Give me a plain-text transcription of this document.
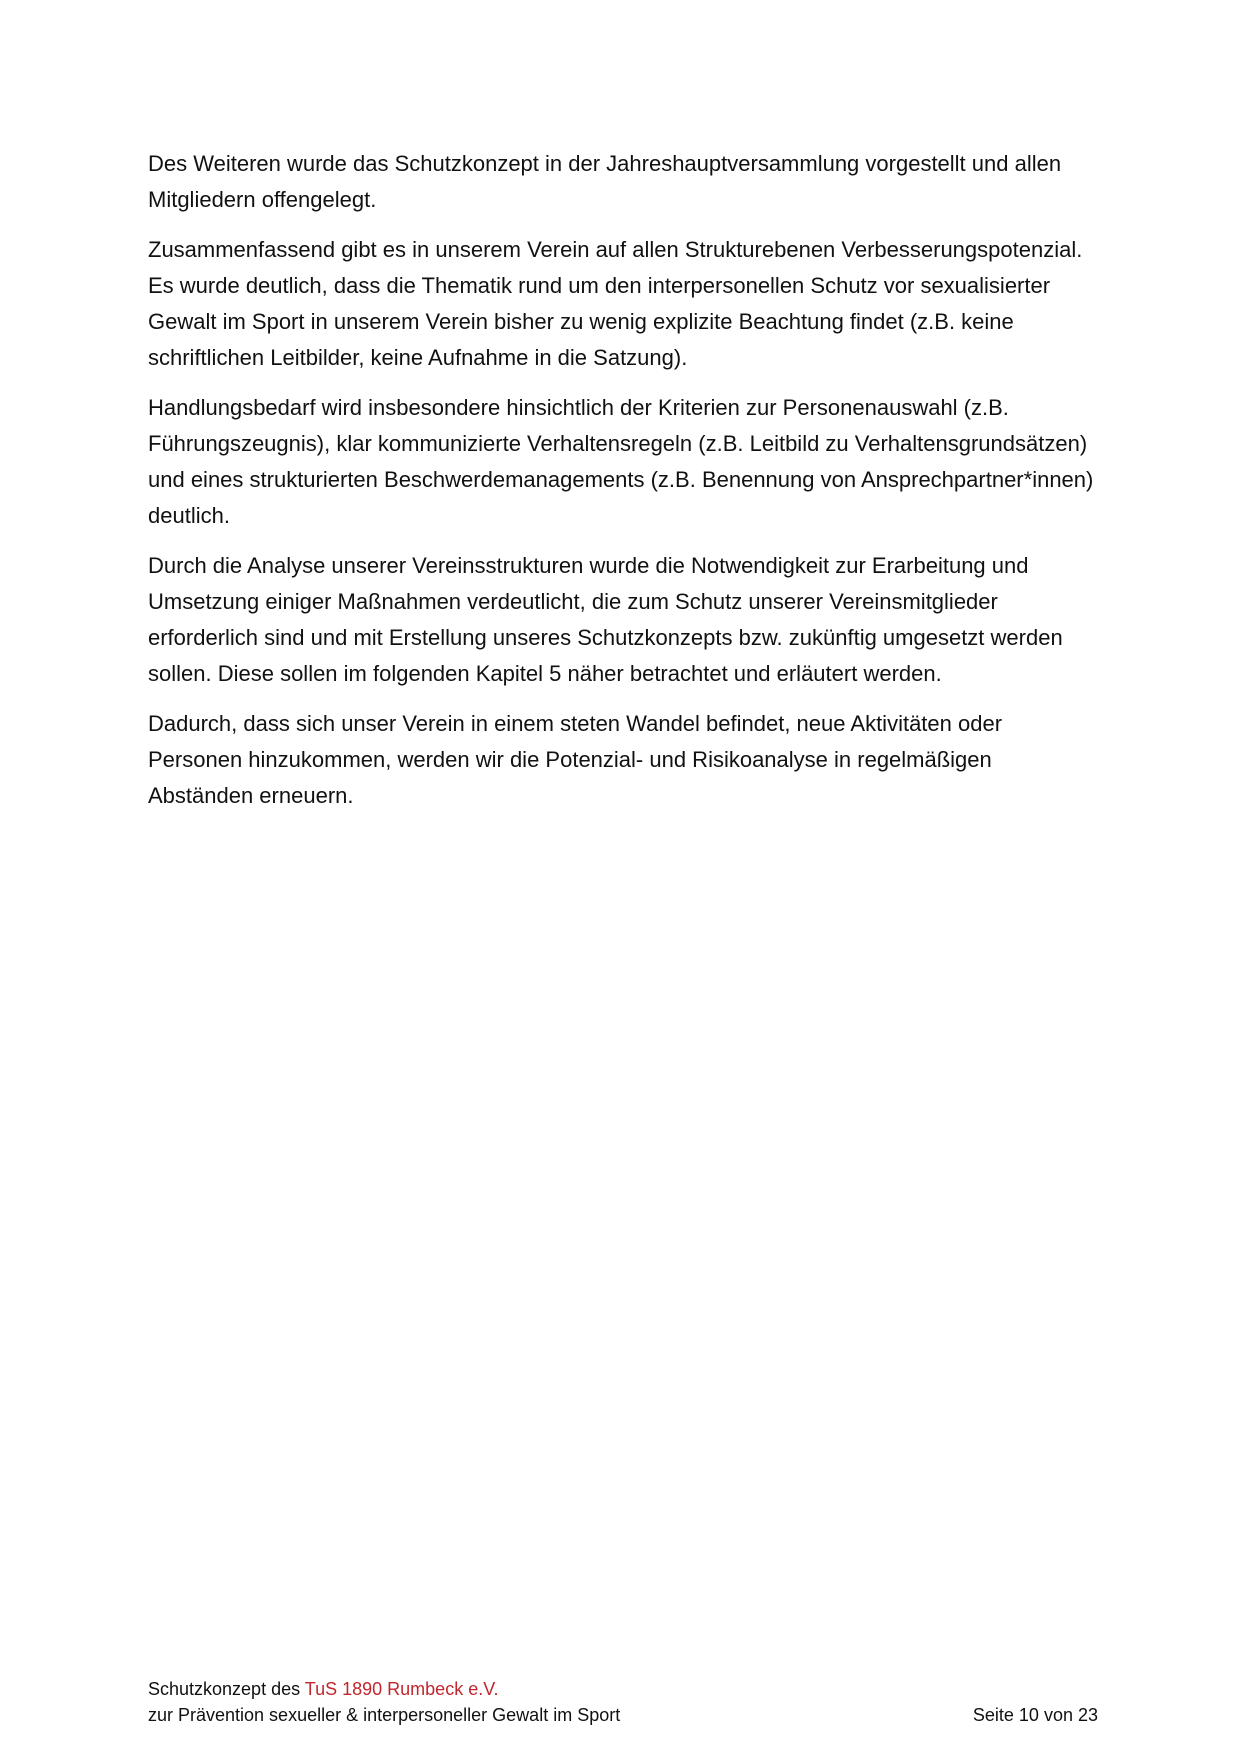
Des Weiteren wurde das Schutzkonzept in der Jahreshauptversammlung vorgestellt und allen Mitgliedern offengelegt.

Zusammenfassend gibt es in unserem Verein auf allen Strukturebenen Verbesserungspotenzial. Es wurde deutlich, dass die Thematik rund um den interpersonellen Schutz vor sexualisierter Gewalt im Sport in unserem Verein bisher zu wenig explizite Beachtung findet (z.B. keine schriftlichen Leitbilder, keine Aufnahme in die Satzung).

Handlungsbedarf wird insbesondere hinsichtlich der Kriterien zur Personenauswahl (z.B. Führungszeugnis), klar kommunizierte Verhaltensregeln (z.B. Leitbild zu Verhaltensgrundsätzen) und eines strukturierten Beschwerdemanagements (z.B. Benennung von Ansprechpartner*innen) deutlich.

Durch die Analyse unserer Vereinsstrukturen wurde die Notwendigkeit zur Erarbeitung und Umsetzung einiger Maßnahmen verdeutlicht, die zum Schutz unserer Vereinsmitglieder erforderlich sind und mit Erstellung unseres Schutzkonzepts bzw. zukünftig umgesetzt werden sollen. Diese sollen im folgenden Kapitel 5 näher betrachtet und erläutert werden.

Dadurch, dass sich unser Verein in einem steten Wandel befindet, neue Aktivitäten oder Personen hinzukommen, werden wir die Potenzial- und Risikoanalyse in regelmäßigen Abständen erneuern.

Schutzkonzept des TuS 1890 Rumbeck e.V.
zur Prävention sexueller & interpersoneller Gewalt im Sport	Seite 10 von 23
